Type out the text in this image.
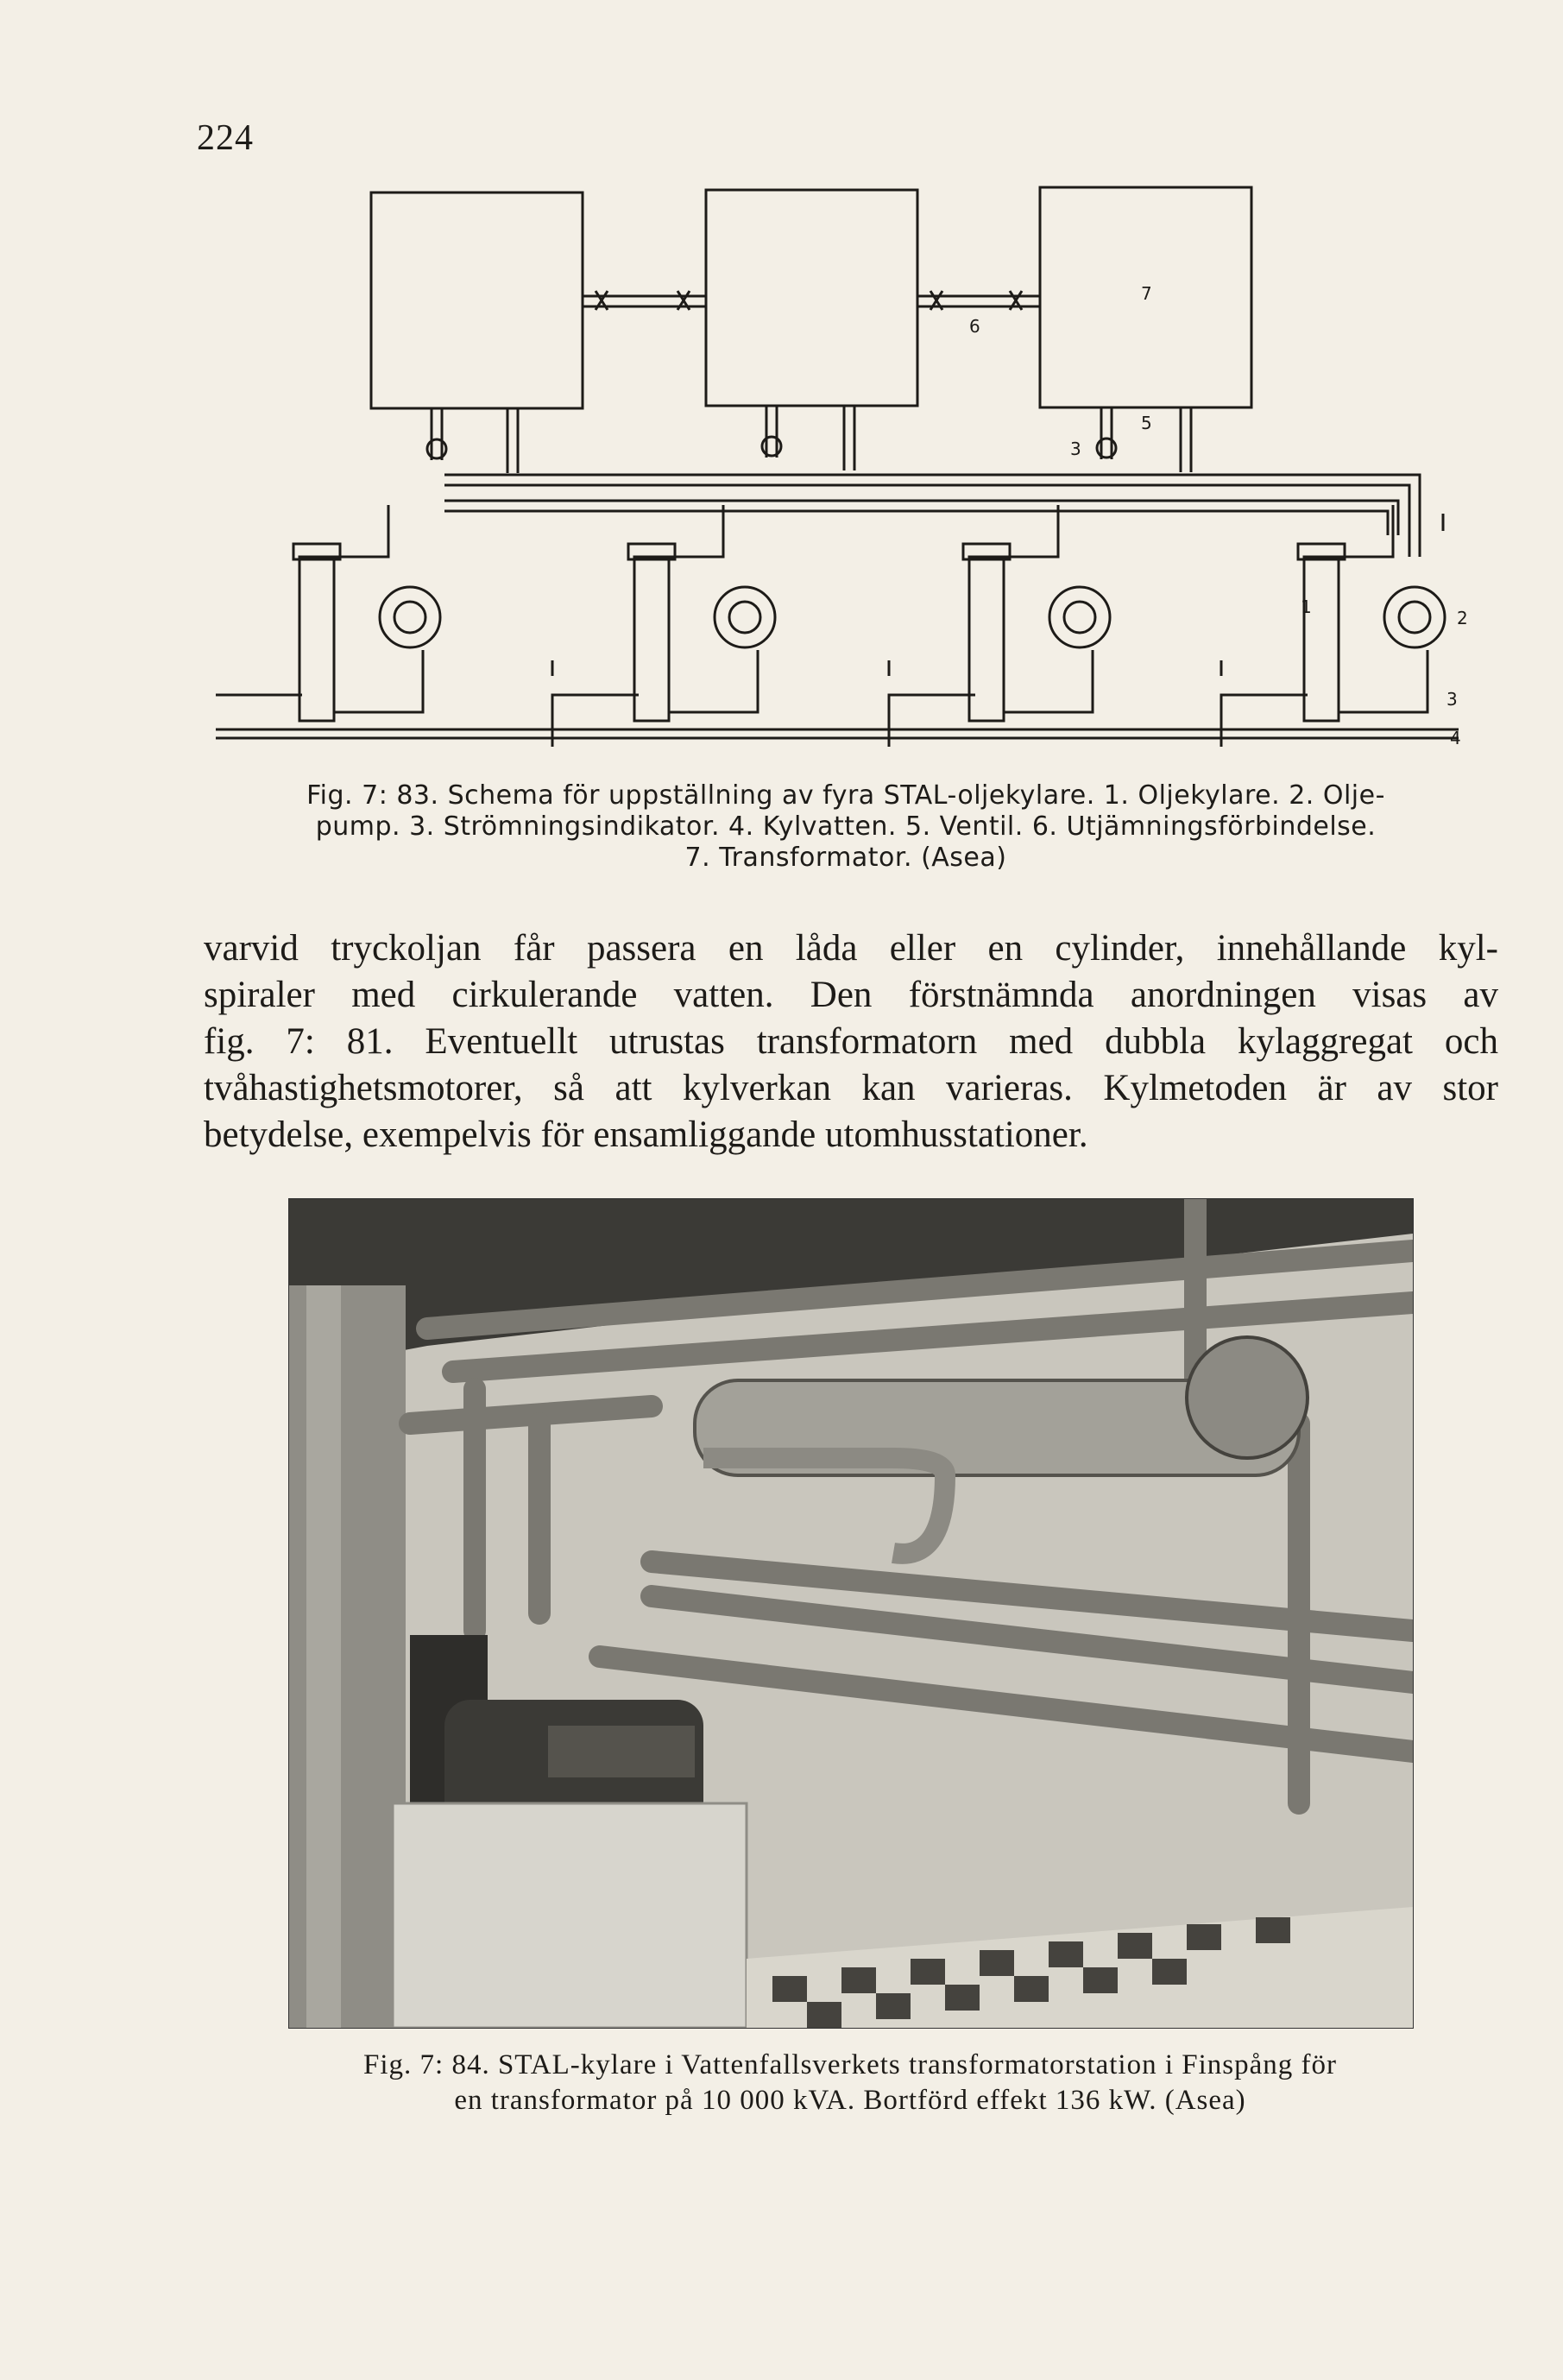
224
1
2
3
4
5
6
7
3
Fig. 7: 83. Schema för uppställning av fyra STAL-oljekylare. 1. Oljekylare. 2. Olje-
pump. 3. Strömningsindikator. 4. Kylvatten. 5. Ventil. 6. Utjämningsförbindelse.
7. Transformator. (Asea)
varvid tryckoljan får passera en låda eller en cylinder, innehållande kyl-
spiraler med cirkulerande vatten. Den förstnämnda anordningen visas av
fig. 7: 81. Eventuellt utrustas transformatorn med dubbla kylaggregat och
tvåhastighetsmotorer, så att kylverkan kan varieras. Kylmetoden är av stor
betydelse, exempelvis för ensamliggande utomhusstationer.
Fig. 7: 84. STAL-kylare i Vattenfallsverkets transformatorstation i Finspång för
en transformator på 10 000 kVA. Bortförd effekt 136 kW. (Asea)
